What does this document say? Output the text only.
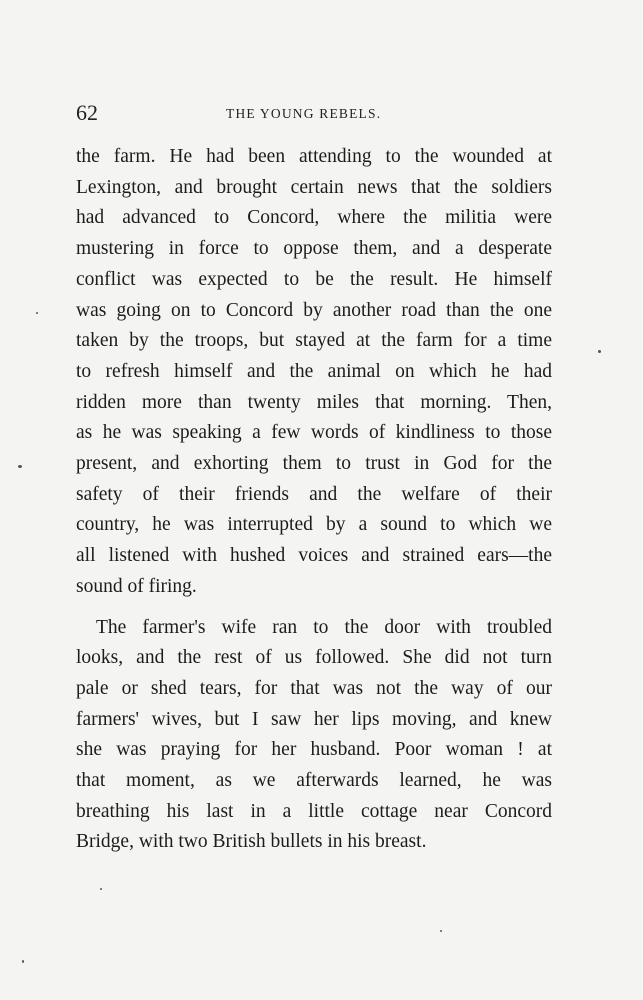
62	THE YOUNG REBELS.
the farm. He had been attending to the wounded at
Lexington, and brought certain news that the soldiers
had advanced to Concord, where the militia were
mustering in force to oppose them, and a desperate
conflict was expected to be the result. He himself
was going on to Concord by another road than the one
taken by the troops, but stayed at the farm for a time
to refresh himself and the animal on which he had
ridden more than twenty miles that morning. Then,
as he was speaking a few words of kindliness to those
present, and exhorting them to trust in God for the
safety of their friends and the welfare of their
country, he was interrupted by a sound to which we
all listened with hushed voices and strained ears—the
sound of firing.
The farmer's wife ran to the door with troubled
looks, and the rest of us followed. She did not turn
pale or shed tears, for that was not the way of our
farmers' wives, but I saw her lips moving, and knew
she was praying for her husband. Poor woman ! at
that moment, as we afterwards learned, he was
breathing his last in a little cottage near Concord
Bridge, with two British bullets in his breast.
